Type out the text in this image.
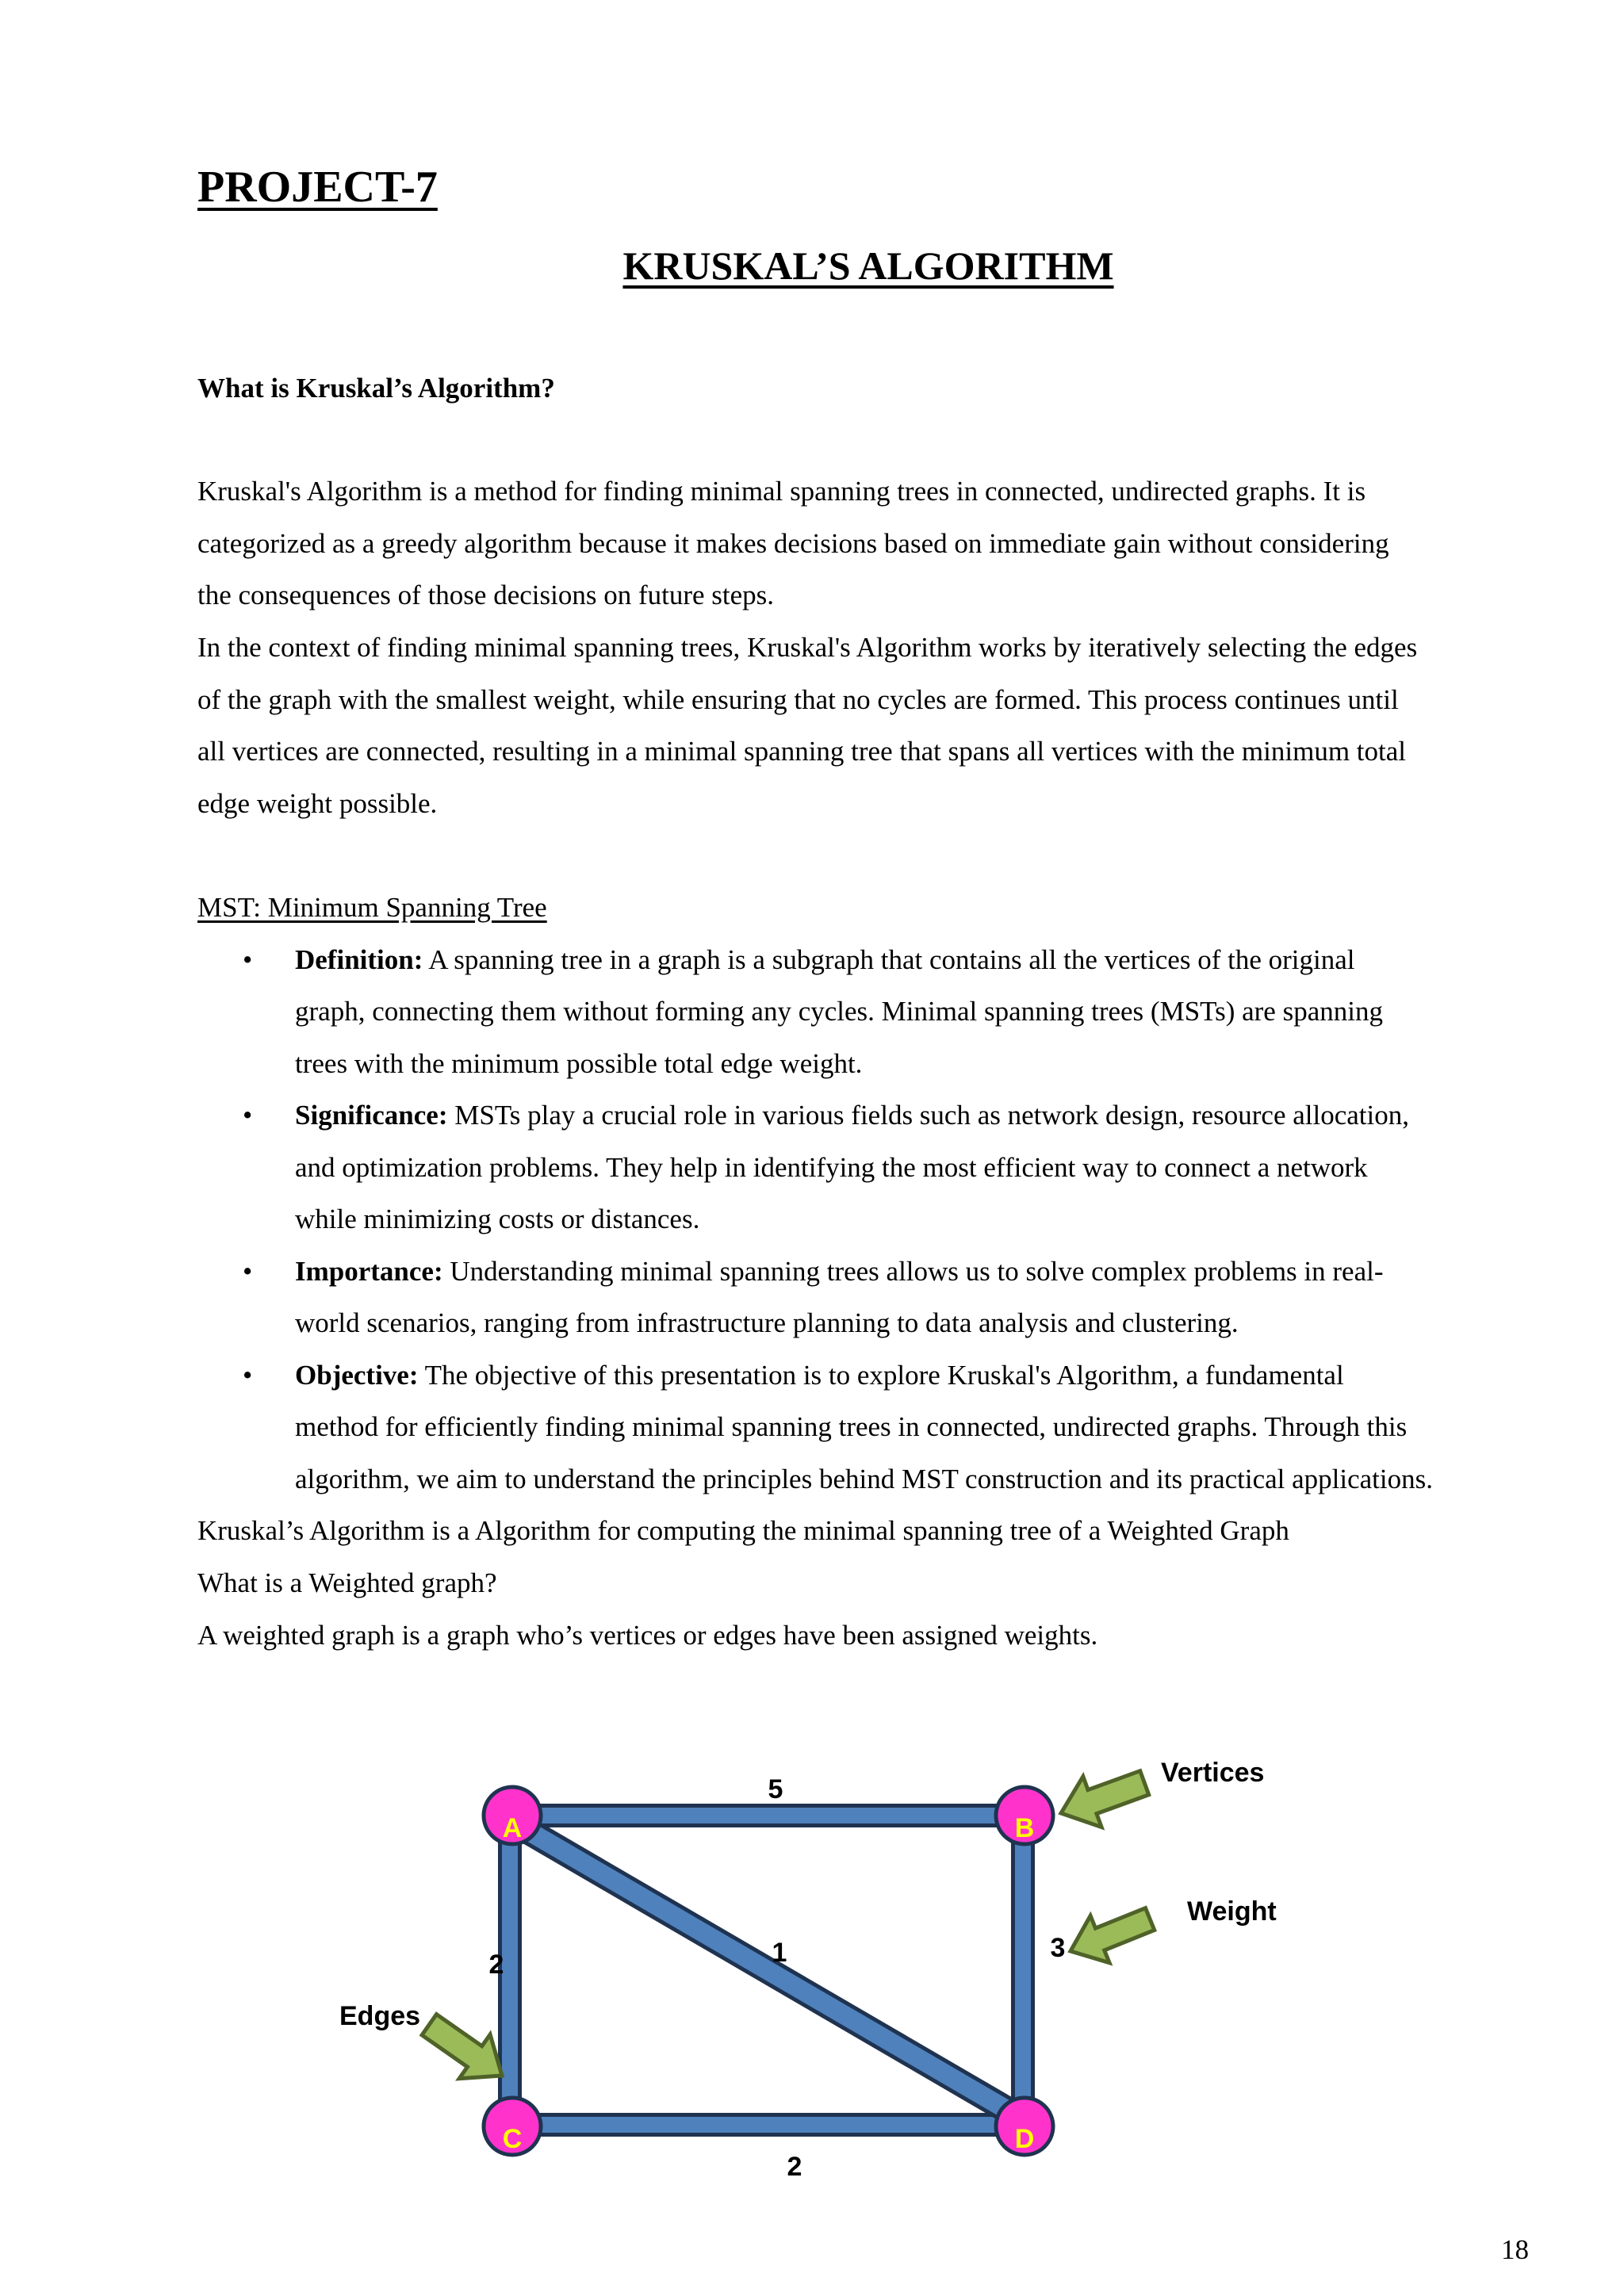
PROJECT-7
KRUSKAL’S ALGORITHM
What is Kruskal’s Algorithm?
Kruskal's Algorithm is a method for finding minimal spanning trees in connected, undirected graphs. It is
categorized as a greedy algorithm because it makes decisions based on immediate gain without considering
the consequences of those decisions on future steps.
In the context of finding minimal spanning trees, Kruskal's Algorithm works by iteratively selecting the edges
of the graph with the smallest weight, while ensuring that no cycles are formed. This process continues until
all vertices are connected, resulting in a minimal spanning tree that spans all vertices with the minimum total
edge weight possible.
MST: Minimum Spanning Tree
• Definition: A spanning tree in a graph is a subgraph that contains all the vertices of the original
graph, connecting them without forming any cycles. Minimal spanning trees (MSTs) are spanning
trees with the minimum possible total edge weight.
• Significance: MSTs play a crucial role in various fields such as network design, resource allocation,
and optimization problems. They help in identifying the most efficient way to connect a network
while minimizing costs or distances.
• Importance: Understanding minimal spanning trees allows us to solve complex problems in real-
world scenarios, ranging from infrastructure planning to data analysis and clustering.
• Objective: The objective of this presentation is to explore Kruskal's Algorithm, a fundamental
method for efficiently finding minimal spanning trees in connected, undirected graphs. Through this
algorithm, we aim to understand the principles behind MST construction and its practical applications.
Kruskal’s Algorithm is a Algorithm for computing the minimal spanning tree of a Weighted Graph
What is a Weighted graph?
A weighted graph is a graph who’s vertices or edges have been assigned weights.
A	B
C	D
5
3
2
2
1
Vertices
Weight
Edges
18
